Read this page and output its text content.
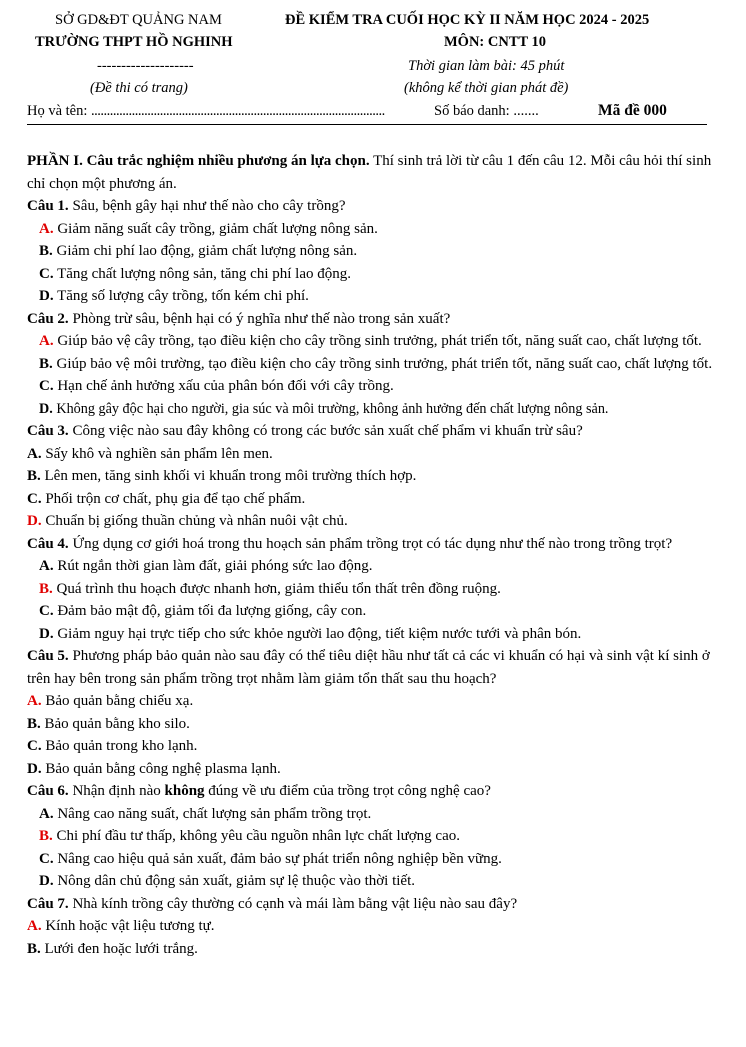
SỞ GD&ĐT QUẢNG NAM
TRƯỜNG THPT HỒ NGHINH
--------------------
(Đề thi có trang)
ĐỀ KIỂM TRA CUỐI HỌC KỲ II NĂM HỌC 2024 - 2025
MÔN: CNTT 10
Thời gian làm bài: 45 phút
(không kể thời gian phát đề)
Họ và tên: ..............................................................................................	Số báo danh: .......	Mã đề 000

PHẦN I. Câu trắc nghiệm nhiều phương án lựa chọn. Thí sinh trả lời từ câu 1 đến câu 12. Mỗi câu hỏi thí sinh chỉ chọn một phương án.

Câu 1. Sâu, bệnh gây hại như thế nào cho cây trồng?

A. Giảm năng suất cây trồng, giảm chất lượng nông sản.

B. Giảm chi phí lao động, giảm chất lượng nông sản.

C. Tăng chất lượng nông sản, tăng chi phí lao động.

D. Tăng số lượng cây trồng, tốn kém chi phí.

Câu 2. Phòng trừ sâu, bệnh hại có ý nghĩa như thế nào trong sản xuất?

A. Giúp bảo vệ cây trồng, tạo điều kiện cho cây trồng sinh trưởng, phát triển tốt, năng suất cao, chất lượng tốt.

B. Giúp bảo vệ môi trường, tạo điều kiện cho cây trồng sinh trưởng, phát triển tốt, năng suất cao, chất lượng tốt.

C. Hạn chế ảnh hưởng xấu của phân bón đối với cây trồng.

D. Không gây độc hại cho người, gia súc và môi trường, không ảnh hưởng đến chất lượng nông sản.

Câu 3. Công việc nào sau đây không có trong các bước sản xuất chế phẩm vi khuẩn trừ sâu?

A. Sấy khô và nghiền sản phẩm lên men.

B. Lên men, tăng sinh khối vi khuẩn trong môi trường thích hợp.

C. Phối trộn cơ chất, phụ gia để tạo chế phẩm.

D. Chuẩn bị giống thuần chủng và nhân nuôi vật chủ.

Câu 4. Ứng dụng cơ giới hoá trong thu hoạch sản phẩm trồng trọt có tác dụng như thế nào trong trồng trọt?

A. Rút ngắn thời gian làm đất, giải phóng sức lao động.

B. Quá trình thu hoạch được nhanh hơn, giảm thiểu tổn thất trên đồng ruộng.

C. Đảm bảo mật độ, giảm tối đa lượng giống, cây con.

D. Giảm nguy hại trực tiếp cho sức khỏe người lao động, tiết kiệm nước tưới và phân bón.

Câu 5. Phương pháp bảo quản nào sau đây có thể tiêu diệt hầu như tất cả các vi khuẩn có hại và sinh vật kí sinh ở trên hay bên trong sản phẩm trồng trọt nhằm làm giảm tổn thất sau thu hoạch?

A. Bảo quản bằng chiếu xạ.

B. Bảo quản bằng kho silo.

C. Bảo quản trong kho lạnh.

D. Bảo quản bằng công nghệ plasma lạnh.

Câu 6. Nhận định nào không đúng về ưu điểm của trồng trọt công nghệ cao?

A. Nâng cao năng suất, chất lượng sản phẩm trồng trọt.

B. Chi phí đầu tư thấp, không yêu cầu nguồn nhân lực chất lượng cao.

C. Nâng cao hiệu quả sản xuất, đảm bảo sự phát triển nông nghiệp bền vững.

D. Nông dân chủ động sản xuất, giảm sự lệ thuộc vào thời tiết.

Câu 7. Nhà kính trồng cây thường có cạnh và mái làm bằng vật liệu nào sau đây?

A. Kính hoặc vật liệu tương tự.

B. Lưới đen hoặc lưới trắng.
